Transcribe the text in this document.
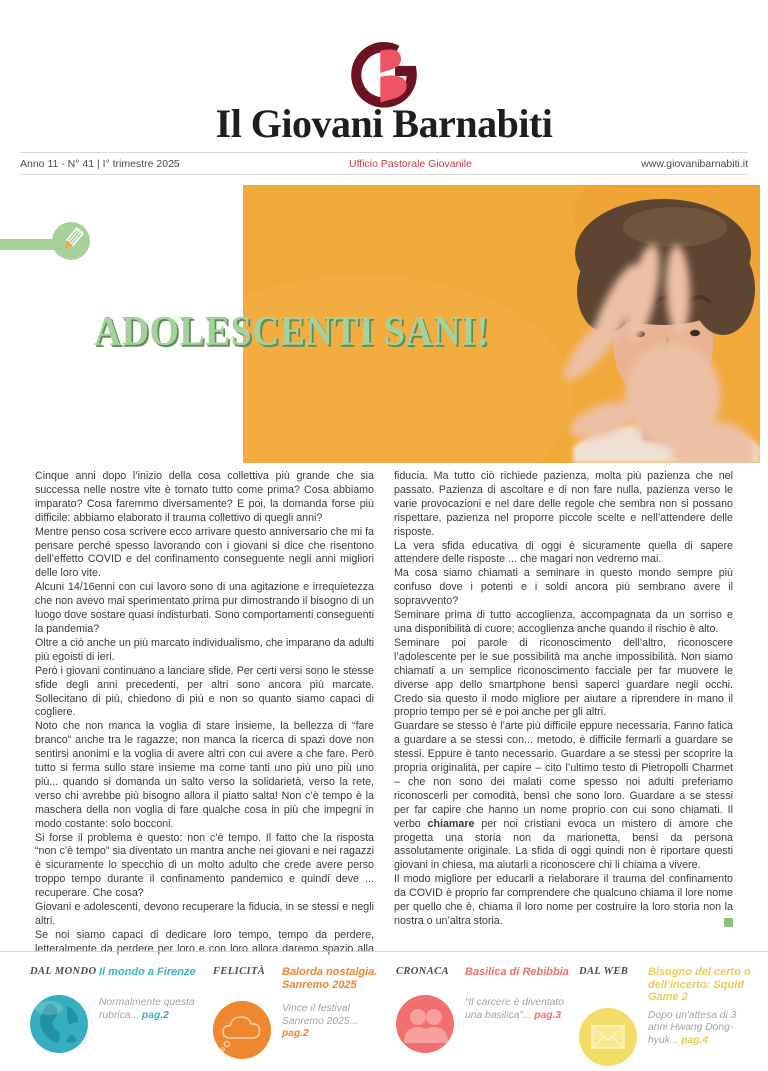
Il Giovani Barnabiti
Anno 11 - N° 41 | I° trimestre 2025	Ufficio Pastorale Giovanile	www.giovanibarnabiti.it
ADOLESCENTI SANI!

Cinque anni dopo l’inizio della cosa collettiva più grande che sia successa nelle nostre vite è tornato tutto come prima? Cosa abbiamo imparato? Cosa faremmo diversamente? E poi, la domanda forse più difficile: abbiamo elaborato il trauma collettivo di quegli anni?

Mentre penso cosa scrivere ecco arrivare questo anniversario che mi fa pensare perché spesso lavorando con i giovani si dice che risentono dell’effetto COVID e del confinamento conseguente negli anni migliori delle loro vite.

Alcuni 14/16enni con cui lavoro sono di una agitazione e irrequietezza che non avevo mai sperimentato prima pur dimostrando il bisogno di un luogo dove sostare quasi indisturbati. Sono comportamenti conseguenti la pandemia?

Oltre a ciò anche un più marcato individualismo, che imparano da adulti più egoisti di ieri.

Però i giovani continuano a lanciare sfide. Per certi versi sono le stesse sfide degli anni precedenti, per altri sono ancora più marcate. Sollecitano di più, chiedono di più e non so quanto siamo capaci di cogliere.

Noto che non manca la voglia di stare insieme, la bellezza di “fare branco” anche tra le ragazze; non manca la ricerca di spazi dove non sentirsi anonimi e la voglia di avere altri con cui avere a che fare. Però tutto si ferma sullo stare insieme ma come tanti uno più uno più uno più... quando si domanda un salto verso la solidarietà, verso la rete, verso chi avrebbe più bisogno allora il piatto salta! Non c’è tempo è la maschera della non voglia di fare qualche cosa in più che impegni in modo costante: solo bocconi.

Si forse il problema è questo: non c’è tempo. Il fatto che la risposta “non c’è tempo” sia diventato un mantra anche nei giovani e nei ragazzi è sicuramente lo specchio di un molto adulto che crede avere perso troppo tempo durante il confinamento pandemico e quindi deve ... recuperare. Che cosa?

Giovani e adolescenti, devono recuperare la fiducia, in se stessi e negli altri.

Se noi siamo capaci di dedicare loro tempo, tempo da perdere, letteralmente da perdere per loro e con loro allora daremo spazio alla fiducia. Ma tutto ciò richiede pazienza, molta più pazienza che nel passato. Pazienza di ascoltare e di non fare nulla, pazienza verso le varie provocazioni e nel dare delle regole che sembra non si possano rispettare, pazienza nel proporre piccole scelte e nell’attendere delle risposte.

La vera sfida educativa di oggi è sicuramente quella di sapere attendere delle risposte ... che magari non vedremo mai.

Ma cosa siamo chiamati a seminare in questo mondo sempre più confuso dove i potenti e i soldi ancora più sembrano avere il sopravvento?

Seminare prima di tutto accoglienza, accompagnata da un sorriso e una disponibilità di cuore; accoglienza anche quando il rischio è alto.

Seminare poi parole di riconoscimento dell’altro, riconoscere l’adolescente per le sue possibilità ma anche impossibilità. Non siamo chiamati a un semplice riconoscimento facciale per far muovere le diverse app dello smartphone bensì saperci guardare negli occhi. Credo sia questo il modo migliore per aiutare a riprendere in mano il proprio tempo per sé e poi anche per gli altri.

Guardare se stesso è l’arte più difficile eppure necessaria. Fanno fatica a guardare a se stessi con... metodo, è difficile fermarli a guardare se stessi. Eppure è tanto necessario. Guardare a se stessi per scoprire la propria originalità, per capire – cito l’ultimo testo di Pietropolli Charmet – che non sono dei malati come spesso noi adulti preferiamo riconoscerli per comodità, bensì che sono loro. Guardare a se stessi per far capire che hanno un nome proprio con cui sono chiamati. Il verbo chiamare per noi cristiani evoca un mistero di amore che progetta una storia non da marionetta, bensì da persona assolutamente originale. La sfida di oggi quindi non è riportare questi giovani in chiesa, ma aiutarli a riconoscere chi li chiama a vivere.

Il modo migliore per educarli a rielaborare il trauma del confinamento da COVID è proprio far comprendere che qualcuno chiama il lore nome per quello che è, chiama il loro nome per costruire la loro storia non la nostra o un’altra storia.

DAL MONDO Il mondo a Firenze

Normalmente questa rubrica... pag.2

FELICITÀ	Balorda nostalgia. Sanremo 2025

Vince il festival Sanremo 2025... pag.2

CRONACA	Basilica di Rebibbia

“Il carcere è diventato una basilica”... pag.3

DAL WEB	Bisogno del certo o dell’incerto: Squid Game 2

Dopo un'attesa di 3 anni Hwang Dong-hyuk... pag.4
